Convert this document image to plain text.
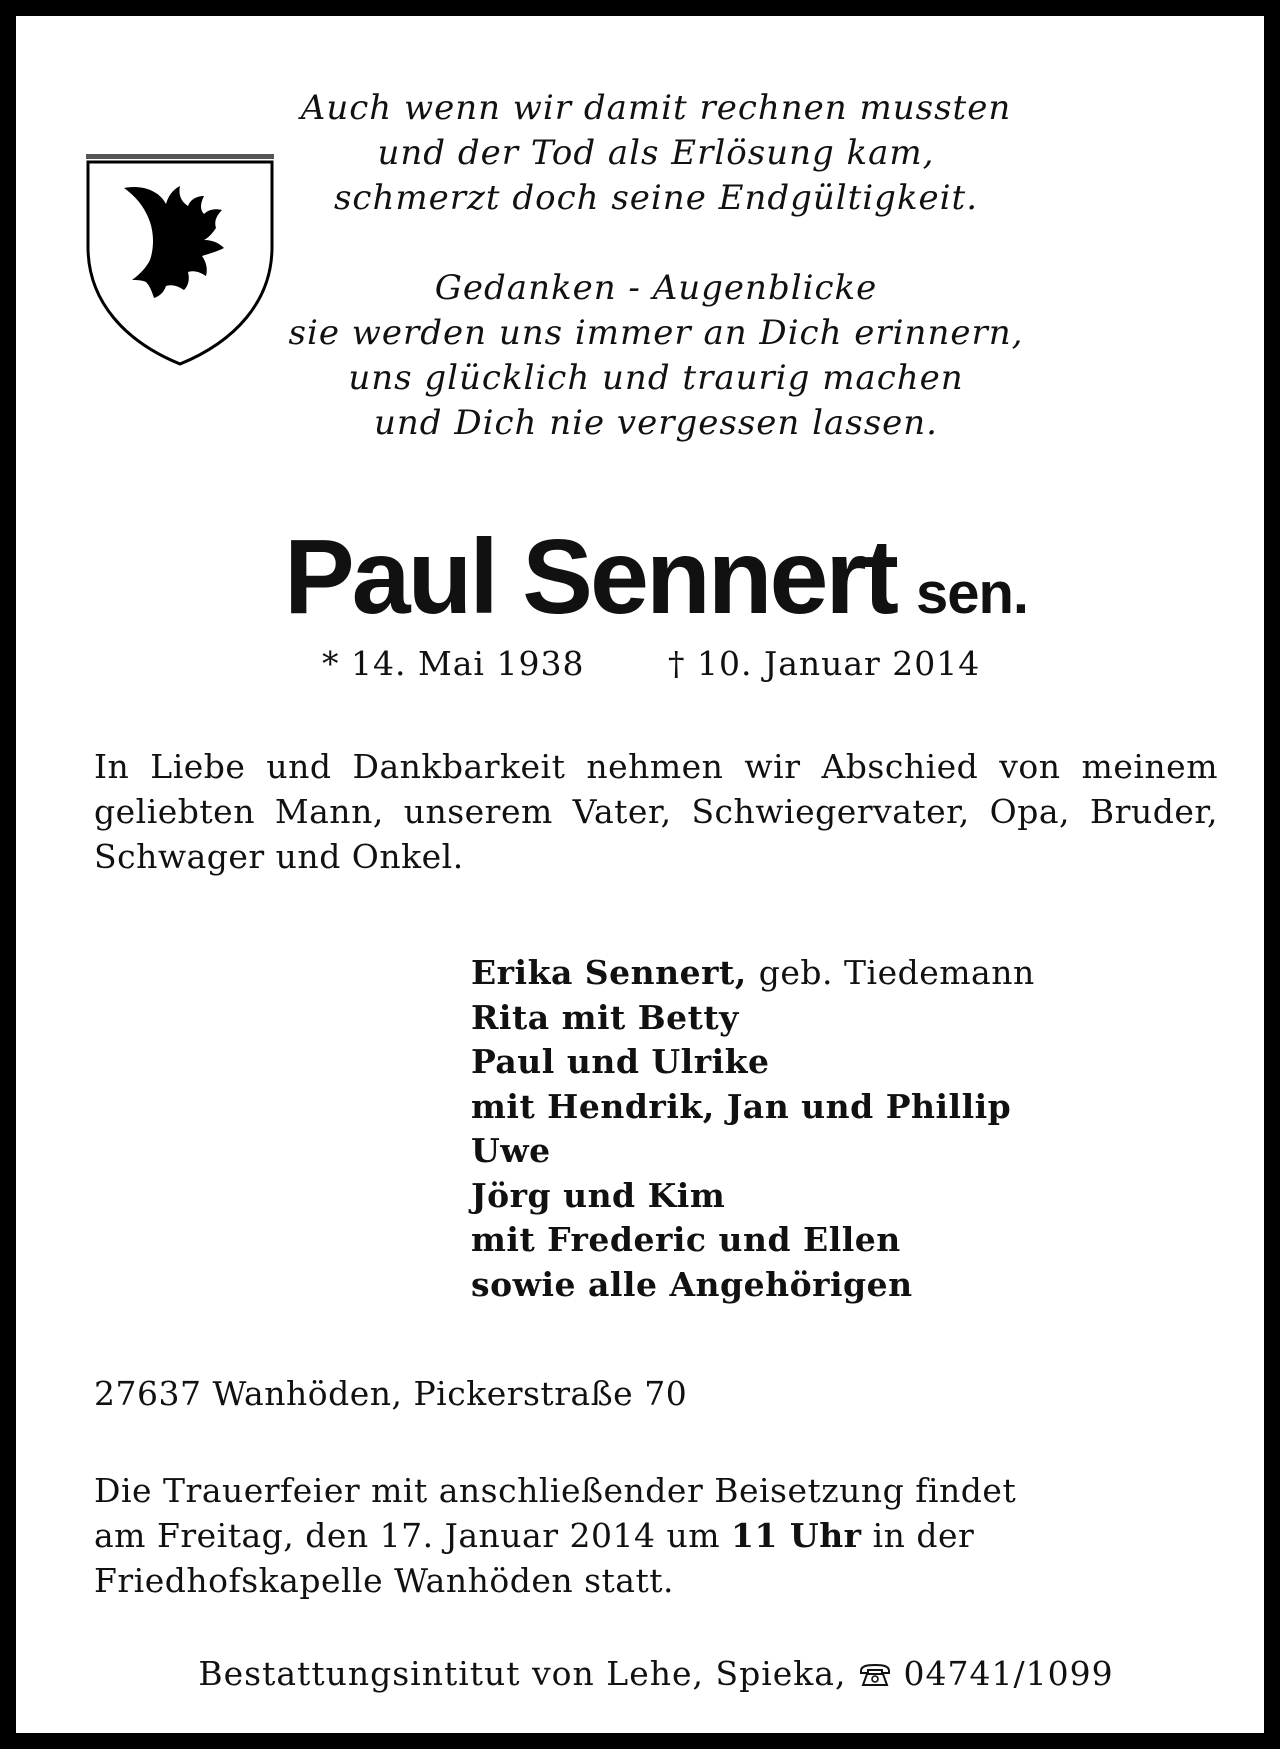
Auch wenn wir damit rechnen mussten
und der Tod als Erlösung kam,
schmerzt doch seine Endgültigkeit.
Gedanken - Augenblicke
sie werden uns immer an Dich erinnern,
uns glücklich und traurig machen
und Dich nie vergessen lassen.
Paul Sennert sen.
* 14. Mai 1938	† 10. Januar 2014

In Liebe und Dankbarkeit nehmen wir Abschied von meinem geliebten Mann, unserem Vater, Schwiegervater, Opa, Bruder, Schwager und Onkel.

Erika Sennert, geb. Tiedemann
Rita mit Betty
Paul und Ulrike
mit Hendrik, Jan und Phillip
Uwe
Jörg und Kim
mit Frederic und Ellen
sowie alle Angehörigen

27637 Wanhöden, Pickerstraße 70

Die Trauerfeier mit anschließender Beisetzung findet
am Freitag, den 17. Januar 2014 um 11 Uhr in der
Friedhofskapelle Wanhöden statt.

Bestattungsintitut von Lehe, Spieka, 04741/1099
